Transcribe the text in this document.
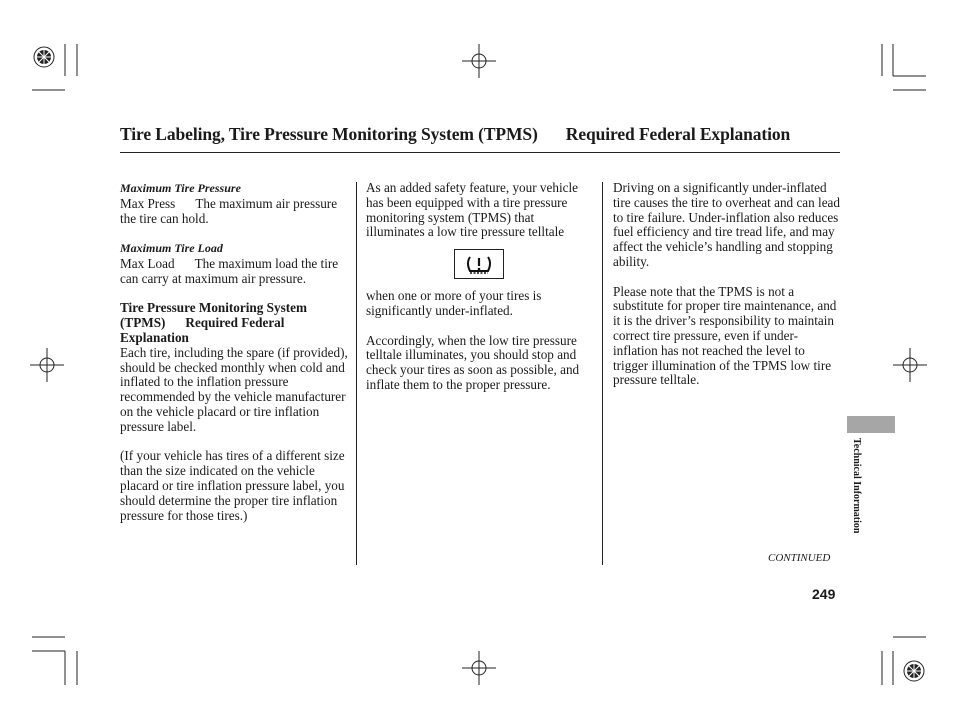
Tire Labeling, Tire Pressure Monitoring System (TPMS) Required Federal Explanation
Maximum Tire Pressure

Max Press The maximum air pressure the tire can hold.

Maximum Tire Load

Max Load The maximum load the tire can carry at maximum air pressure.

Tire Pressure Monitoring System
(TPMS) Required Federal
Explanation

Each tire, including the spare (if provided), should be checked monthly when cold and inflated to the inflation pressure recommended by the vehicle manufacturer on the vehicle placard or tire inflation pressure label.

(If your vehicle has tires of a different size than the size indicated on the vehicle placard or tire inflation pressure label, you should determine the proper tire inflation pressure for those tires.)

As an added safety feature, your vehicle has been equipped with a tire pressure monitoring system (TPMS) that illuminates a low tire pressure telltale

when one or more of your tires is significantly under-inflated.

Accordingly, when the low tire pressure telltale illuminates, you should stop and check your tires as soon as possible, and inflate them to the proper pressure.

Driving on a significantly under-inflated tire causes the tire to overheat and can lead to tire failure. Under-inflation also reduces fuel efficiency and tire tread life, and may affect the vehicle’s handling and stopping ability.

Please note that the TPMS is not a substitute for proper tire maintenance, and it is the driver’s responsibility to maintain correct tire pressure, even if under-inflation has not reached the level to trigger illumination of the TPMS low tire pressure telltale.

Technical Information
CONTINUED
249
